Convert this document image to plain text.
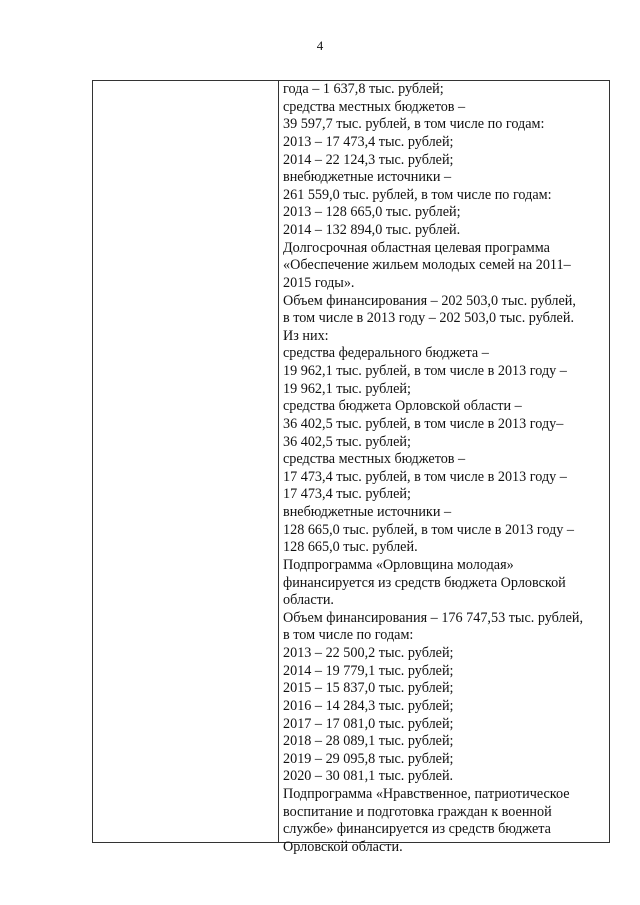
4
года – 1 637,8 тыс. рублей;
средства местных бюджетов –
39 597,7 тыс. рублей, в том числе по годам:
2013 – 17 473,4 тыс. рублей;
2014 – 22 124,3 тыс. рублей;
внебюджетные источники –
261 559,0 тыс. рублей, в том числе по годам:
2013 – 128 665,0 тыс. рублей;
2014 – 132 894,0 тыс. рублей.
Долгосрочная областная целевая программа
«Обеспечение жильем молодых семей на 2011–
2015 годы».
Объем финансирования – 202 503,0 тыс. рублей,
в том числе в 2013 году – 202 503,0 тыс. рублей.
Из них:
средства федерального бюджета –
19 962,1 тыс. рублей, в том числе в 2013 году –
19 962,1 тыс. рублей;
средства бюджета Орловской области –
36 402,5 тыс. рублей, в том числе в 2013 году–
36 402,5 тыс. рублей;
средства местных бюджетов –
17 473,4 тыс. рублей, в том числе в 2013 году –
17 473,4 тыс. рублей;
внебюджетные источники –
128 665,0 тыс. рублей, в том числе в 2013 году –
128 665,0 тыс. рублей.
Подпрограмма «Орловщина молодая»
финансируется из средств бюджета Орловской
области.
Объем финансирования – 176 747,53 тыс. рублей,
в том числе по годам:
2013 – 22 500,2 тыс. рублей;
2014 – 19 779,1 тыс. рублей;
2015 – 15 837,0 тыс. рублей;
2016 – 14 284,3 тыс. рублей;
2017 – 17 081,0 тыс. рублей;
2018 – 28 089,1 тыс. рублей;
2019 – 29 095,8 тыс. рублей;
2020 – 30 081,1 тыс. рублей.
Подпрограмма «Нравственное, патриотическое
воспитание и подготовка граждан к военной
службе» финансируется из средств бюджета
Орловской области.
